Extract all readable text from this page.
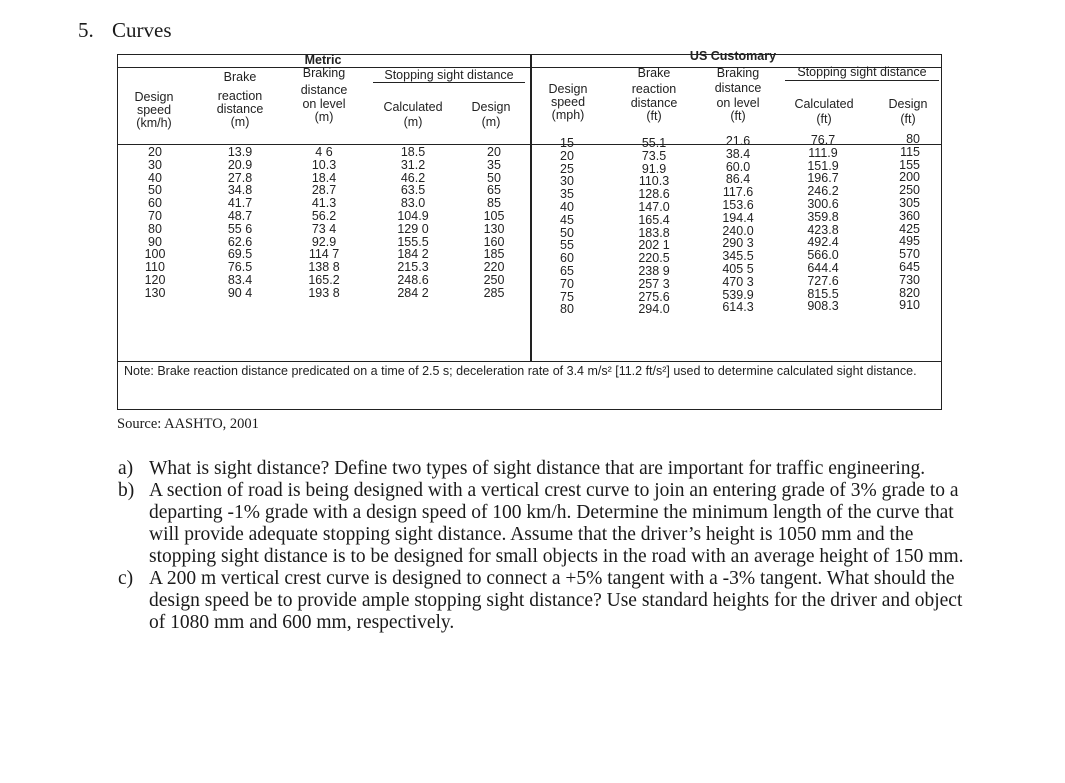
5. Curves
Metric	US Customary
Design
speed
(km/h)
Brake
reaction
distance
(m)
Braking
distance
on level
(m)
Stopping sight distance
Calculated
(m)
Design
(m)
Design
speed
(mph)
Brake
reaction
distance
(ft)
Braking
distance
on level
(ft)
Stopping sight distance
Calculated
(ft)
Design
(ft)
20
30
40
50
60
70
80
90
100
110
120
130
13.9
20.9
27.8
34.8
41.7
48.7
55 6
62.6
69.5
76.5
83.4
90 4
4 6
10.3
18.4
28.7
41.3
56.2
73 4
92.9
114 7
138 8
165.2
193 8
18.5
31.2
46.2
63.5
83.0
104.9
129 0
155.5
184 2
215.3
248.6
284 2
20
35
50
65
85
105
130
160
185
220
250
285
15
20
25
30
35
40
45
50
55
60
65
70
75
80
55.1
73.5
91.9
110.3
128.6
147.0
165.4
183.8
202 1
220.5
238 9
257 3
275.6
294.0
21.6
38.4
60.0
86.4
117.6
153.6
194.4
240.0
290 3
345.5
405 5
470 3
539.9
614.3
76.7
111.9
151.9
196.7
246.2
300.6
359.8
423.8
492.4
566.0
644.4
727.6
815.5
908.3
80
115
155
200
250
305
360
425
495
570
645
730
820
910
Note: Brake reaction distance predicated on a time of 2.5 s; deceleration rate of 3.4 m/s² [11.2 ft/s²] used to determine calculated sight distance.
Source: AASHTO, 2001
a) What is sight distance? Define two types of sight distance that are important for traffic engineering.
b) A section of road is being designed with a vertical crest curve to join an entering grade of 3% grade to a departing -1% grade with a design speed of 100 km/h. Determine the minimum length of the curve that will provide adequate stopping sight distance. Assume that the driver’s height is 1050 mm and the stopping sight distance is to be designed for small objects in the road with an average height of 150 mm.
c) A 200 m vertical crest curve is designed to connect a +5% tangent with a -3% tangent. What should the design speed be to provide ample stopping sight distance? Use standard heights for the driver and object of 1080 mm and 600 mm, respectively.
